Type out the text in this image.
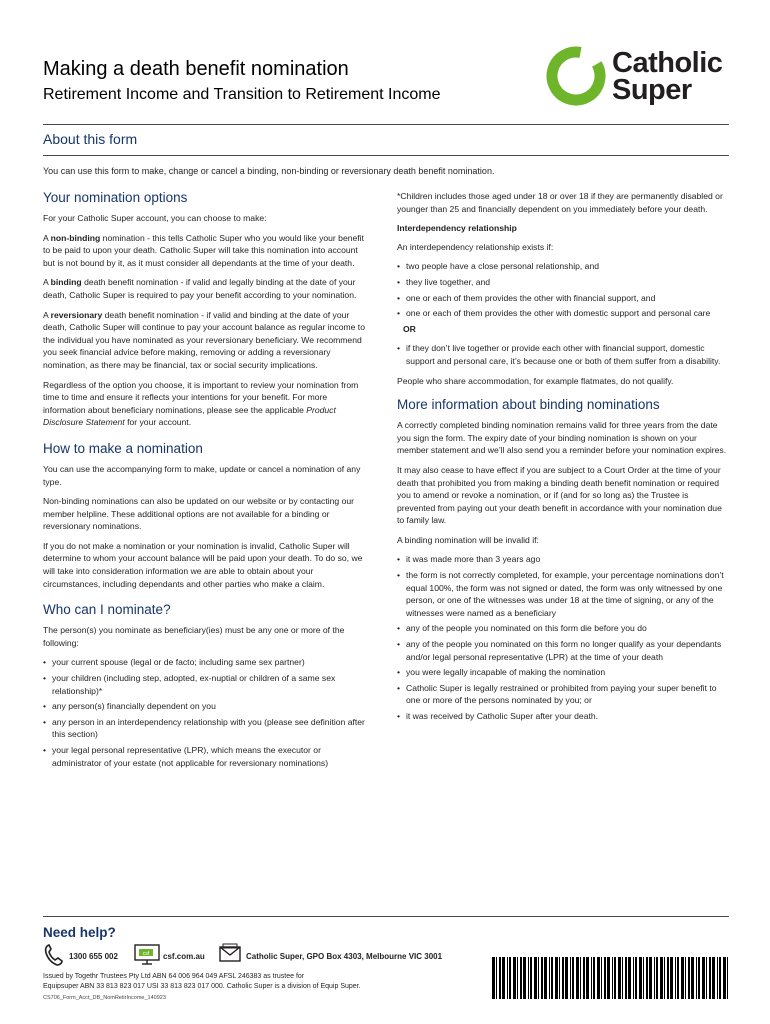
Making a death benefit nomination
Retirement Income and Transition to Retirement Income
Catholic
Super
About this form
You can use this form to make, change or cancel a binding, non-binding or reversionary death benefit nomination.
Your nomination options

For your Catholic Super account, you can choose to make:

A non-binding nomination - this tells Catholic Super who you would like your benefit to be paid to upon your death. Catholic Super will take this nomination into account but is not bound by it, as it must consider all dependants at the time of your death.

A binding death benefit nomination - if valid and legally binding at the date of your death, Catholic Super is required to pay your benefit according to your nomination.

A reversionary death benefit nomination - if valid and binding at the date of your death, Catholic Super will continue to pay your account balance as regular income to the individual you have nominated as your reversionary beneficiary. We recommend you seek financial advice before making, removing or adding a reversionary nomination, as there may be financial, tax or social security implications.

Regardless of the option you choose, it is important to review your nomination from time to time and ensure it reflects your intentions for your benefit. For more information about beneficiary nominations, please see the applicable Product Disclosure Statement for your account.

How to make a nomination

You can use the accompanying form to make, update or cancel a nomination of any type.

Non-binding nominations can also be updated on our website or by contacting our member helpline. These additional options are not available for a binding or reversionary nominations.

If you do not make a nomination or your nomination is invalid, Catholic Super will determine to whom your account balance will be paid upon your death. To do so, we will take into consideration information we are able to obtain about your circumstances, including dependants and other parties who make a claim.

Who can I nominate?

The person(s) you nominate as beneficiary(ies) must be any one or more of the following:

• your current spouse (legal or de facto; including same sex partner)
• your children (including step, adopted, ex-nuptial or children of a same sex relationship)*
• any person(s) financially dependent on you
• any person in an interdependency relationship with you (please see definition after this section)
• your legal personal representative (LPR), which means the executor or administrator of your estate (not applicable for reversionary nominations)

*Children includes those aged under 18 or over 18 if they are permanently disabled or younger than 25 and financially dependent on you immediately before your death.

Interdependency relationship

An interdependency relationship exists if:

• two people have a close personal relationship, and
• they live together, and
• one or each of them provides the other with financial support, and
• one or each of them provides the other with domestic support and personal care

OR

• if they don’t live together or provide each other with financial support, domestic support and personal care, it’s because one or both of them suffer from a disability.

People who share accommodation, for example flatmates, do not qualify.

More information about binding nominations

A correctly completed binding nomination remains valid for three years from the date you sign the form. The expiry date of your binding nomination is shown on your member statement and we’ll also send you a reminder before your nomination expires.

It may also cease to have effect if you are subject to a Court Order at the time of your death that prohibited you from making a binding death benefit nomination or required you to amend or revoke a nomination, or if (and for so long as) the Trustee is prevented from paying out your death benefit in accordance with your nomination due to family law.

A binding nomination will be invalid if:

• it was made more than 3 years ago
• the form is not correctly completed, for example, your percentage nominations don’t equal 100%, the form was not signed or dated, the form was only witnessed by one person, or one of the witnesses was under 18 at the time of signing, or any of the witnesses were named as a beneficiary
• any of the people you nominated on this form die before you do
• any of the people you nominated on this form no longer qualify as your dependants and/or legal personal representative (LPR) at the time of your death
• you were legally incapable of making the nomination
• Catholic Super is legally restrained or prohibited from paying your super benefit to one or more of the persons nominated by you; or
• it was received by Catholic Super after your death.
Need help?
1300 655 002	csf csf.com.au	Catholic Super, GPO Box 4303, Melbourne VIC 3001
Issued by Togethr Trustees Pty Ltd ABN 64 006 964 049 AFSL 246383 as trustee for
Equipsuper ABN 33 813 823 017 USI 33 813 823 017 000. Catholic Super is a division of Equip Super.
CS706_Form_Acct_DB_NomRetirIncome_140923
